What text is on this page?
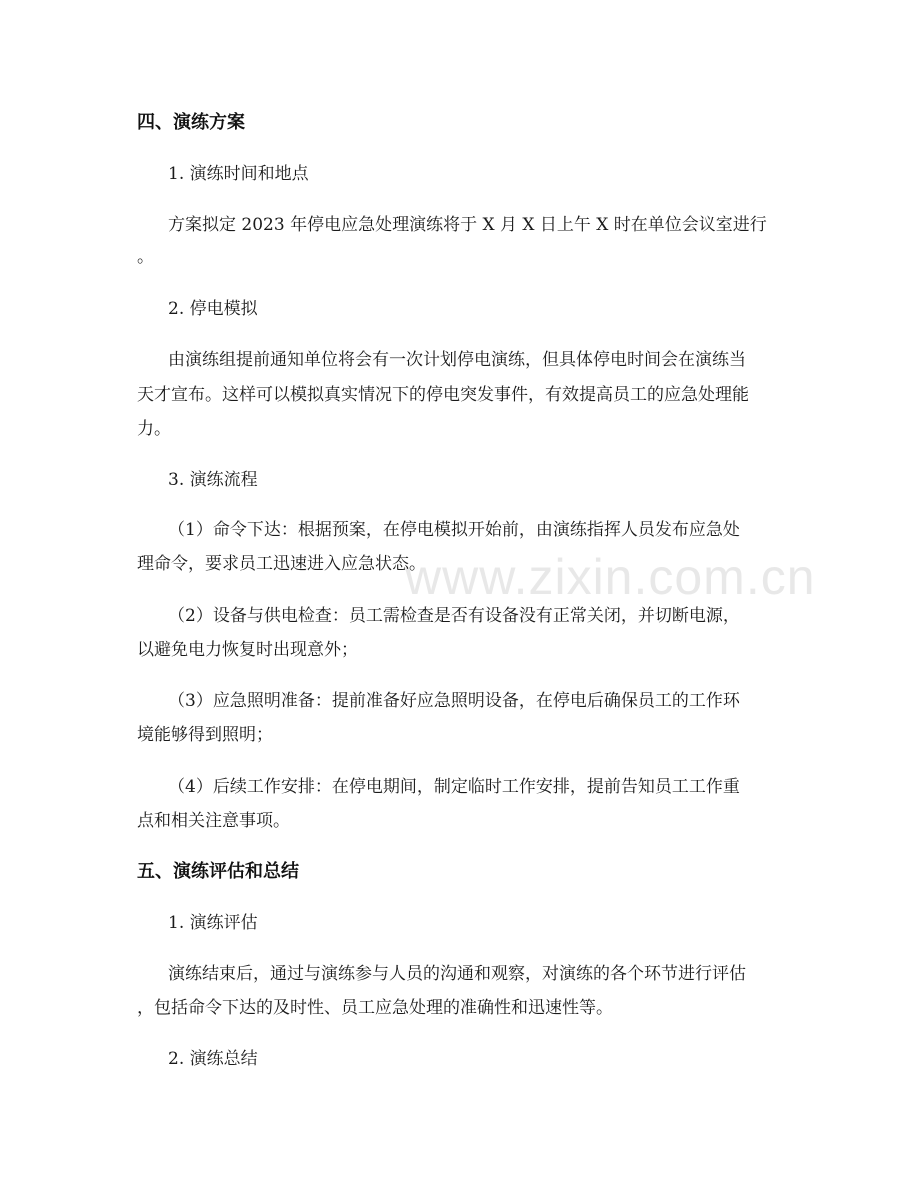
www.zixin.com.cn

四、演练方案

1. 演练时间和地点

方案拟定 2023 年停电应急处理演练将于 X 月 X 日上午 X 时在单位会议室进行

。

2. 停电模拟

由演练组提前通知单位将会有一次计划停电演练，但具体停电时间会在演练当

天才宣布。这样可以模拟真实情况下的停电突发事件，有效提高员工的应急处理能

力。

3. 演练流程

（1）命令下达：根据预案，在停电模拟开始前，由演练指挥人员发布应急处

理命令，要求员工迅速进入应急状态。

（2）设备与供电检查：员工需检查是否有设备没有正常关闭，并切断电源，

以避免电力恢复时出现意外；

（3）应急照明准备：提前准备好应急照明设备，在停电后确保员工的工作环

境能够得到照明；

（4）后续工作安排：在停电期间，制定临时工作安排，提前告知员工工作重

点和相关注意事项。

五、演练评估和总结

1. 演练评估

演练结束后，通过与演练参与人员的沟通和观察，对演练的各个环节进行评估

，包括命令下达的及时性、员工应急处理的准确性和迅速性等。

2. 演练总结
